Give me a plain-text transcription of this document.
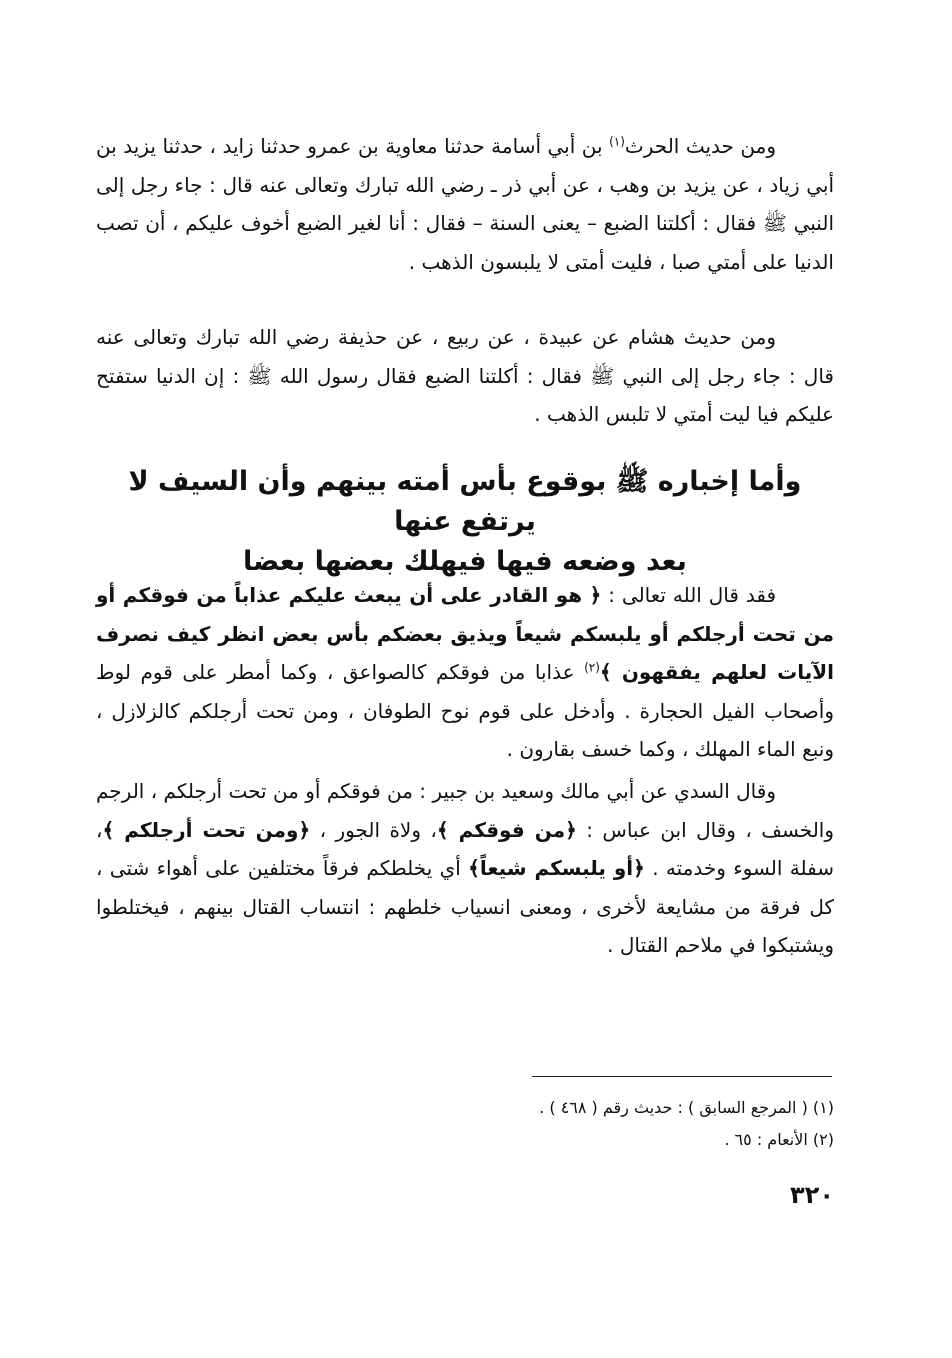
ومن حديث الحرث$^{(١)}$ بن أبي أسامة حدثنا معاوية بن عمرو حدثنا زايد ، حدثنا يزيد بن أبي زياد ، عن يزيد بن وهب ، عن أبي ذر ـ رضي الله تبارك وتعالى عنه قال : جاء رجل إلى النبي ﷺ فقال : أكلتنا الضبع – يعنى السنة – فقال : أنا لغير الضبع أخوف عليكم ، أن تصب الدنيا على أمتي صبا ، فليت أمتى لا يلبسون الذهب .

ومن حديث هشام عن عبيدة ، عن ربيع ، عن حذيفة رضي الله تبارك وتعالى عنه قال : جاء رجل إلى النبي ﷺ فقال : أكلتنا الضبع فقال رسول الله ﷺ : إن الدنيا ستفتح عليكم فيا ليت أمتي لا تلبس الذهب .

وأما إخباره ﷺ بوقوع بأس أمته بينهم وأن السيف لا يرتفع عنها
بعد وضعه فيها فيهلك بعضها بعضا

فقد قال الله تعالى : ﴿ هو القادر على أن يبعث عليكم عذاباً من فوقكم أو من تحت أرجلكم أو يلبسكم شيعاً ويذيق بعضكم بأس بعض انظر كيف نصرف الآيات لعلهم يفقهون ﴾$^{(٢)}$ عذابا من فوقكم كالصواعق ، وكما أمطر على قوم لوط وأصحاب الفيل الحجارة . وأدخل على قوم نوح الطوفان ، ومن تحت أرجلكم كالزلازل ، ونبع الماء المهلك ، وكما خسف بقارون .

وقال السدي عن أبي مالك وسعيد بن جبير : من فوقكم أو من تحت أرجلكم ، الرجم والخسف ، وقال ابن عباس : ﴿من فوقكم ﴾، ولاة الجور ، ﴿ومن تحت أرجلكم ﴾، سفلة السوء وخدمته . ﴿أو يلبسكم شيعاً﴾ أي يخلطكم فرقاً مختلفين على أهواء شتى ، كل فرقة من مشايعة لأخرى ، ومعنى انسياب خلطهم : انتساب القتال بينهم ، فيختلطوا ويشتبكوا في ملاحم القتال .

(١) ( المرجع السابق ) : حديث رقم ( ٤٦٨ ) .
(٢) الأنعام : ٦٥ .
٣٢٠
